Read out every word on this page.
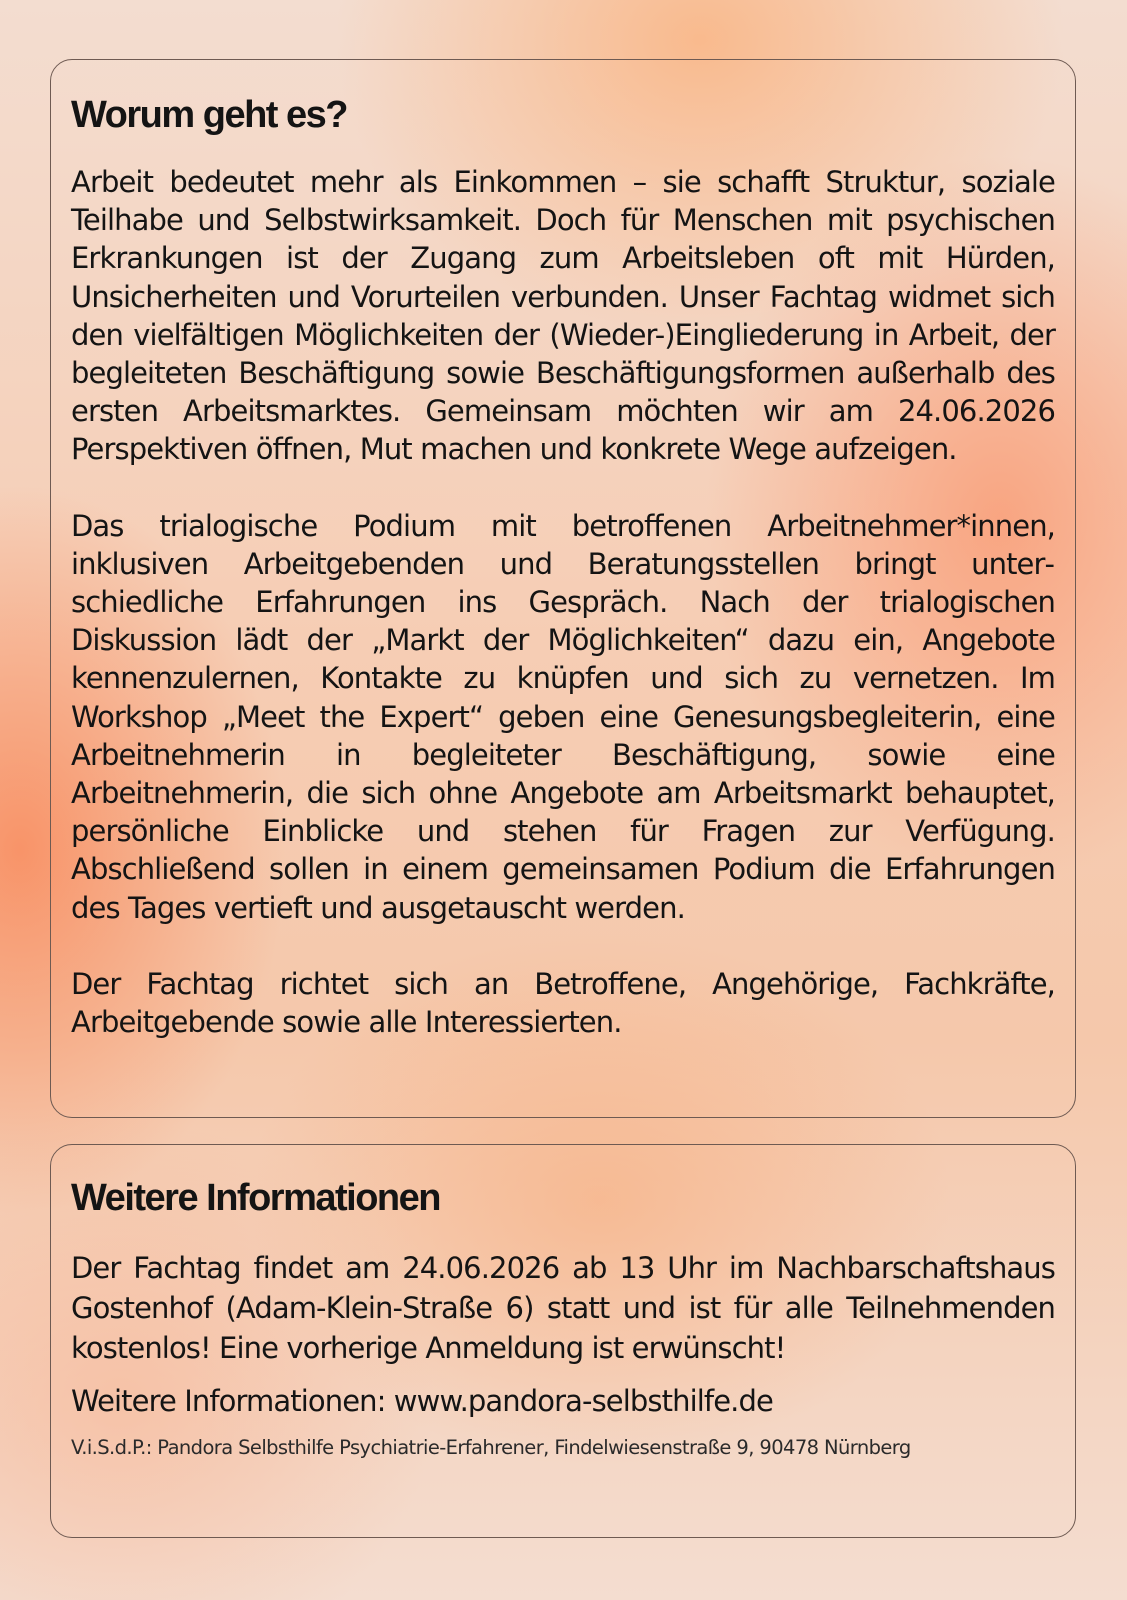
Worum geht es?

Arbeit bedeutet mehr als Einkommen – sie schafft Struktur, soziale Teilhabe und Selbstwirksamkeit. Doch für Menschen mit psychischen Erkrankungen ist der Zugang zum Arbeitsleben oft mit Hürden, Unsicherheiten und Vorurteilen verbunden. Unser Fachtag widmet sich den vielfältigen Möglichkeiten der (Wieder-)Eingliederung in Arbeit, der begleiteten Beschäftigung sowie Beschäftigungsformen außerhalb des ersten Arbeitsmarktes. Gemeinsam möchten wir am 24.06.2026 Perspektiven öffnen, Mut machen und konkrete Wege aufzeigen.

Das trialogische Podium mit betroffenen Arbeitnehmer*innen, inklusiven Arbeitgebenden und Beratungsstellen bringt unterschiedliche Erfahrungen ins Gespräch. Nach der trialogischen Diskussion lädt der „Markt der Möglichkeiten“ dazu ein, Angebote kennenzulernen, Kontakte zu knüpfen und sich zu vernetzen. Im Workshop „Meet the Expert“ geben eine Genesungsbegleiterin, eine Arbeitnehmerin in begleiteter Beschäftigung, sowie eine Arbeitnehmerin, die sich ohne Angebote am Arbeitsmarkt behauptet, persönliche Einblicke und stehen für Fragen zur Verfügung. Abschließend sollen in einem gemeinsamen Podium die Erfahrungen des Tages vertieft und ausgetauscht werden.

Der Fachtag richtet sich an Betroffene, Angehörige, Fachkräfte, Arbeitgebende sowie alle Interessierten.

Weitere Informationen

Der Fachtag findet am 24.06.2026 ab 13 Uhr im Nachbarschaftshaus Gostenhof (Adam-Klein-Straße 6) statt und ist für alle Teilnehmenden kostenlos! Eine vorherige Anmeldung ist erwünscht!

Weitere Informationen: www.pandora-selbsthilfe.de

V.i.S.d.P.: Pandora Selbsthilfe Psychiatrie-Erfahrener, Findelwiesenstraße 9, 90478 Nürnberg
